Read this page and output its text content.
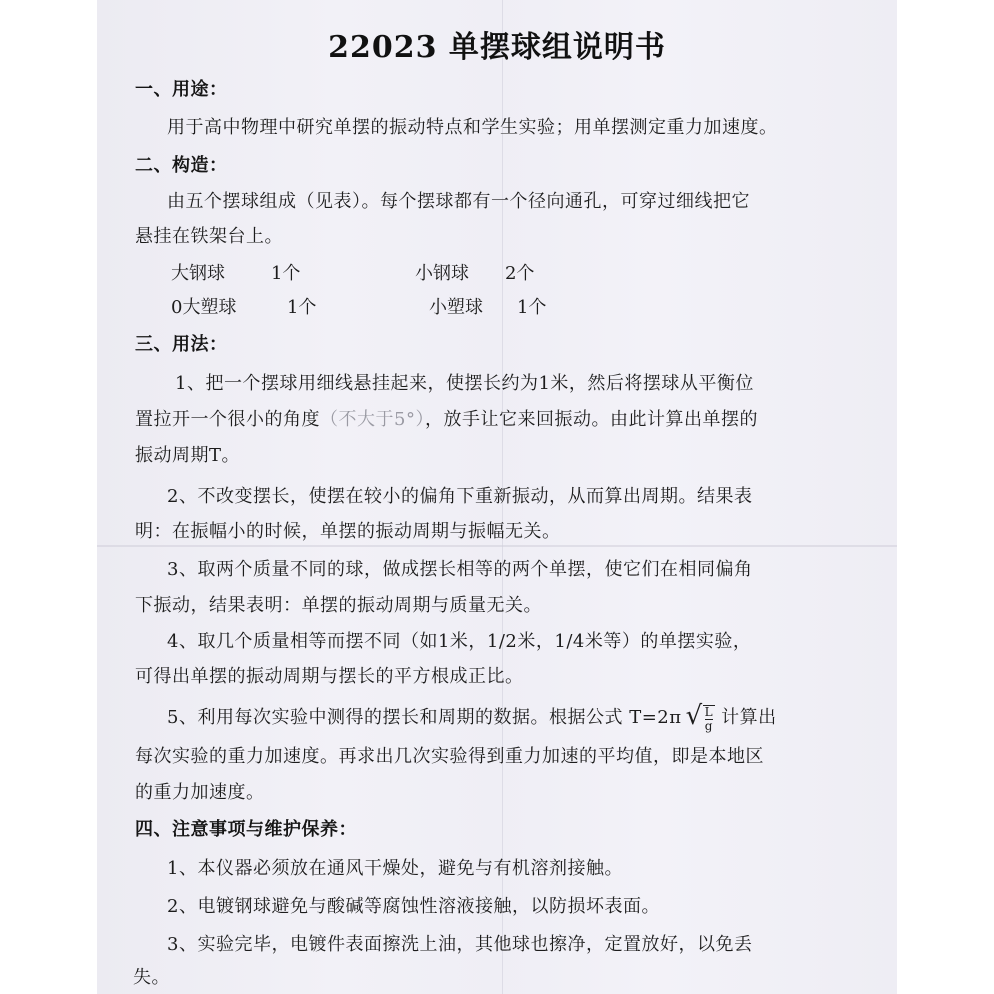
22023 单摆球组说明书
一、用途：
用于高中物理中研究单摆的振动特点和学生实验；用单摆测定重力加速度。
二、构造：
由五个摆球组成（见表）。每个摆球都有一个径向通孔，可穿过细线把它
悬挂在铁架台上。
大钢球	1个	小钢球 2个
0大塑球	1个	小塑球 1个
三、用法：
1、把一个摆球用细线悬挂起来，使摆长约为1米，然后将摆球从平衡位
置拉开一个很小的角度（不大于5°），放手让它来回振动。由此计算出单摆的
振动周期T。
2、不改变摆长，使摆在较小的偏角下重新振动，从而算出周期。结果表
明：在振幅小的时候，单摆的振动周期与振幅无关。
3、取两个质量不同的球，做成摆长相等的两个单摆，使它们在相同偏角
下振动，结果表明：单摆的振动周期与质量无关。
4、取几个质量相等而摆不同（如1米，1/2米，1/4米等）的单摆实验，
可得出单摆的振动周期与摆长的平方根成正比。
5、利用每次实验中测得的摆长和周期的数据。根据公式 T=2π √ $\frac{L}{g}$ 计算出
每次实验的重力加速度。再求出几次实验得到重力加速的平均值，即是本地区
的重力加速度。
四、注意事项与维护保养：
1、本仪器必须放在通风干燥处，避免与有机溶剂接触。
2、电镀钢球避免与酸碱等腐蚀性溶液接触，以防损坏表面。
3、实验完毕，电镀件表面擦洗上油，其他球也擦净，定置放好，以免丢
失。
